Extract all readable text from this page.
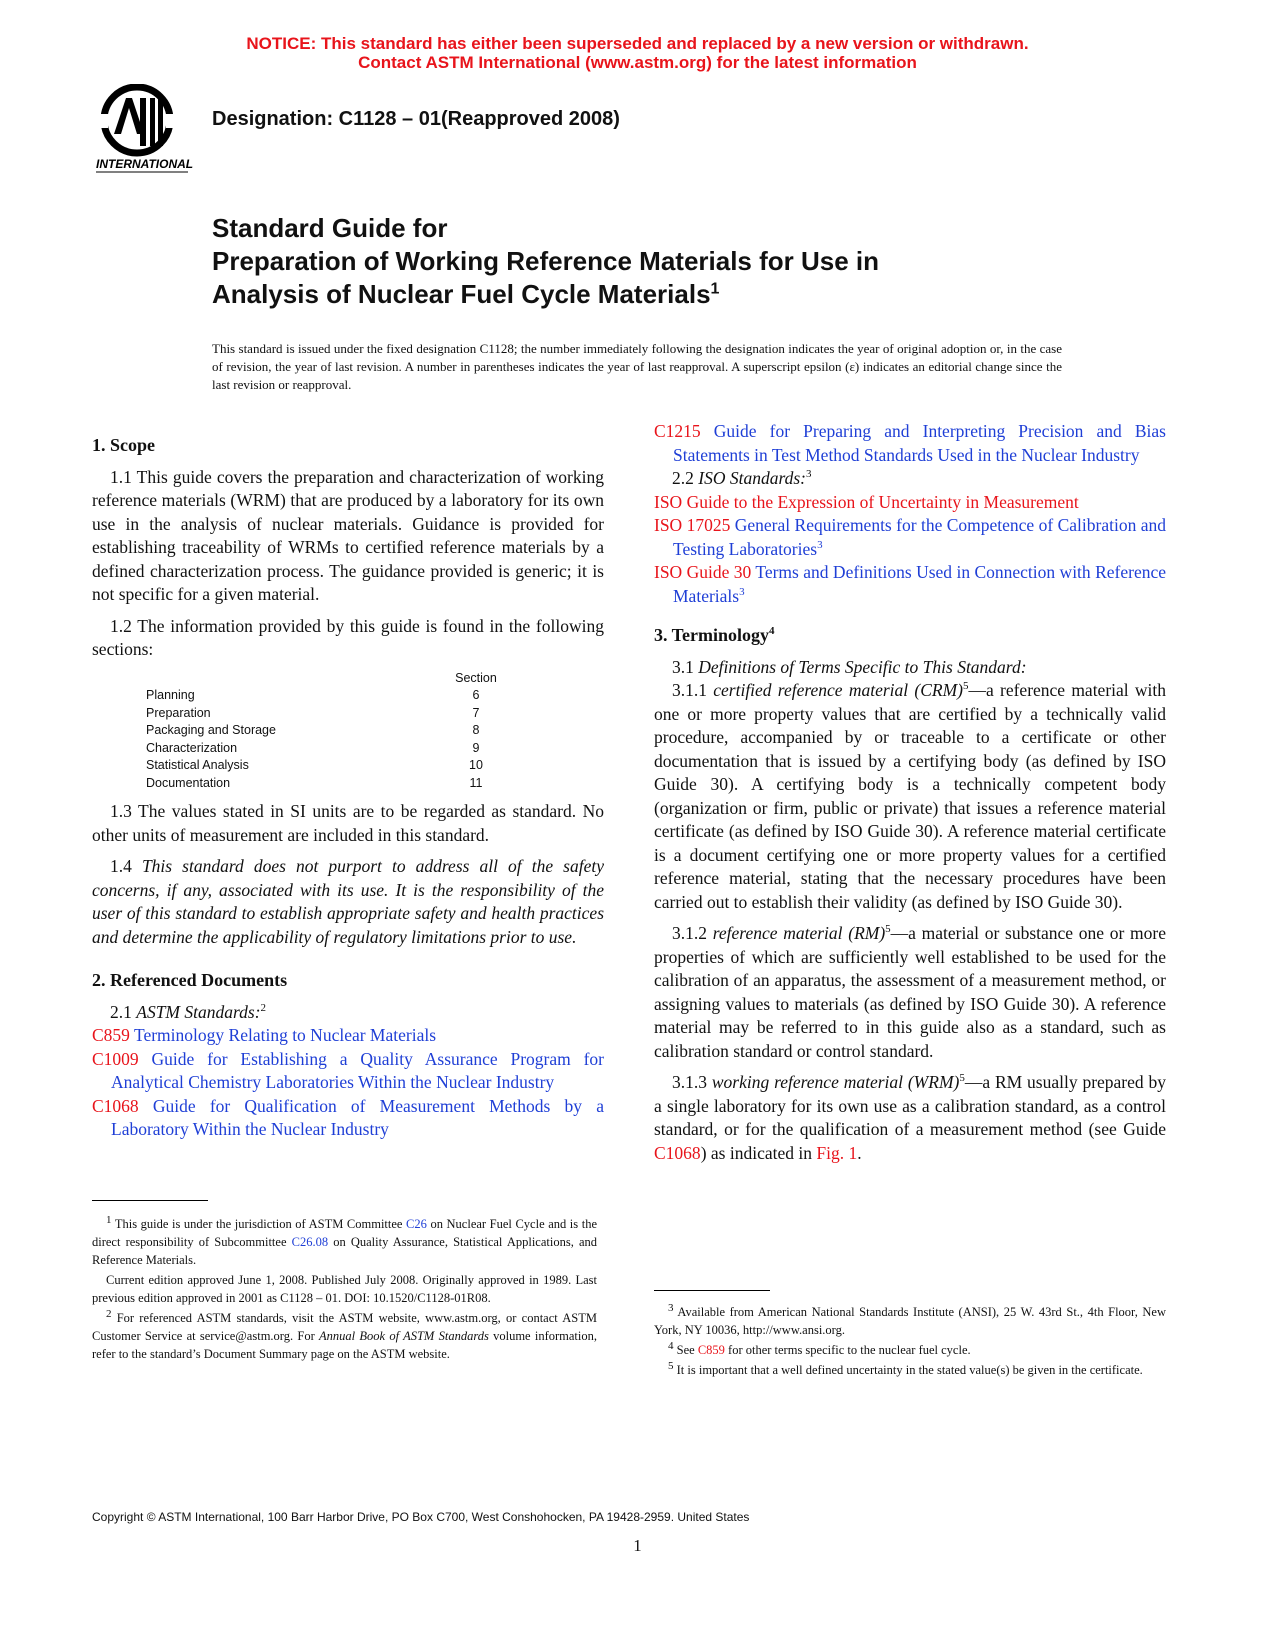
NOTICE: This standard has either been superseded and replaced by a new version or withdrawn.
Contact ASTM International (www.astm.org) for the latest information
INTERNATIONAL
Designation: C1128 – 01(Reapproved 2008)
Standard Guide for
Preparation of Working Reference Materials for Use in
Analysis of Nuclear Fuel Cycle Materials$^1$
This standard is issued under the fixed designation C1128; the number immediately following the designation indicates the year of original adoption or, in the case of revision, the year of last revision. A number in parentheses indicates the year of last reapproval. A superscript epsilon (ε) indicates an editorial change since the last revision or reapproval.
1. Scope

1.1 This guide covers the preparation and characterization of working reference materials (WRM) that are produced by a laboratory for its own use in the analysis of nuclear materials. Guidance is provided for establishing traceability of WRMs to certified reference materials by a defined characterization process. The guidance provided is generic; it is not specific for a given material.

1.2 The information provided by this guide is found in the following sections:

	Section
Planning	6
Preparation	7
Packaging and Storage	8
Characterization	9
Statistical Analysis	10
Documentation	11

1.3 The values stated in SI units are to be regarded as standard. No other units of measurement are included in this standard.

1.4 This standard does not purport to address all of the safety concerns, if any, associated with its use. It is the responsibility of the user of this standard to establish appropriate safety and health practices and determine the applicability of regulatory limitations prior to use.

2. Referenced Documents

2.1 ASTM Standards:$^2$

C859 Terminology Relating to Nuclear Materials

C1009 Guide for Establishing a Quality Assurance Program for Analytical Chemistry Laboratories Within the Nuclear Industry

C1068 Guide for Qualification of Measurement Methods by a Laboratory Within the Nuclear Industry

$^1$ This guide is under the jurisdiction of ASTM Committee C26 on Nuclear Fuel Cycle and is the direct responsibility of Subcommittee C26.08 on Quality Assurance, Statistical Applications, and Reference Materials.

Current edition approved June 1, 2008. Published July 2008. Originally approved in 1989. Last previous edition approved in 2001 as C1128 – 01. DOI: 10.1520/C1128-01R08.

$^2$ For referenced ASTM standards, visit the ASTM website, www.astm.org, or contact ASTM Customer Service at service@astm.org. For Annual Book of ASTM Standards volume information, refer to the standard’s Document Summary page on the ASTM website.

C1215 Guide for Preparing and Interpreting Precision and Bias Statements in Test Method Standards Used in the Nuclear Industry

2.2 ISO Standards:$^3$

ISO Guide to the Expression of Uncertainty in Measurement

ISO 17025 General Requirements for the Competence of Calibration and Testing Laboratories$^3$

ISO Guide 30 Terms and Definitions Used in Connection with Reference Materials$^3$

3. Terminology$^4$

3.1 Definitions of Terms Specific to This Standard:

3.1.1 certified reference material (CRM)$^5$—a reference material with one or more property values that are certified by a technically valid procedure, accompanied by or traceable to a certificate or other documentation that is issued by a certifying body (as defined by ISO Guide 30). A certifying body is a technically competent body (organization or firm, public or private) that issues a reference material certificate (as defined by ISO Guide 30). A reference material certificate is a document certifying one or more property values for a certified reference material, stating that the necessary procedures have been carried out to establish their validity (as defined by ISO Guide 30).

3.1.2 reference material (RM)$^5$—a material or substance one or more properties of which are sufficiently well established to be used for the calibration of an apparatus, the assessment of a measurement method, or assigning values to materials (as defined by ISO Guide 30). A reference material may be referred to in this guide also as a standard, such as calibration standard or control standard.

3.1.3 working reference material (WRM)$^5$—a RM usually prepared by a single laboratory for its own use as a calibration standard, as a control standard, or for the qualification of a measurement method (see Guide C1068) as indicated in Fig. 1.

$^3$ Available from American National Standards Institute (ANSI), 25 W. 43rd St., 4th Floor, New York, NY 10036, http://www.ansi.org.

$^4$ See C859 for other terms specific to the nuclear fuel cycle.

$^5$ It is important that a well defined uncertainty in the stated value(s) be given in the certificate.

Copyright © ASTM International, 100 Barr Harbor Drive, PO Box C700, West Conshohocken, PA 19428-2959. United States
1
